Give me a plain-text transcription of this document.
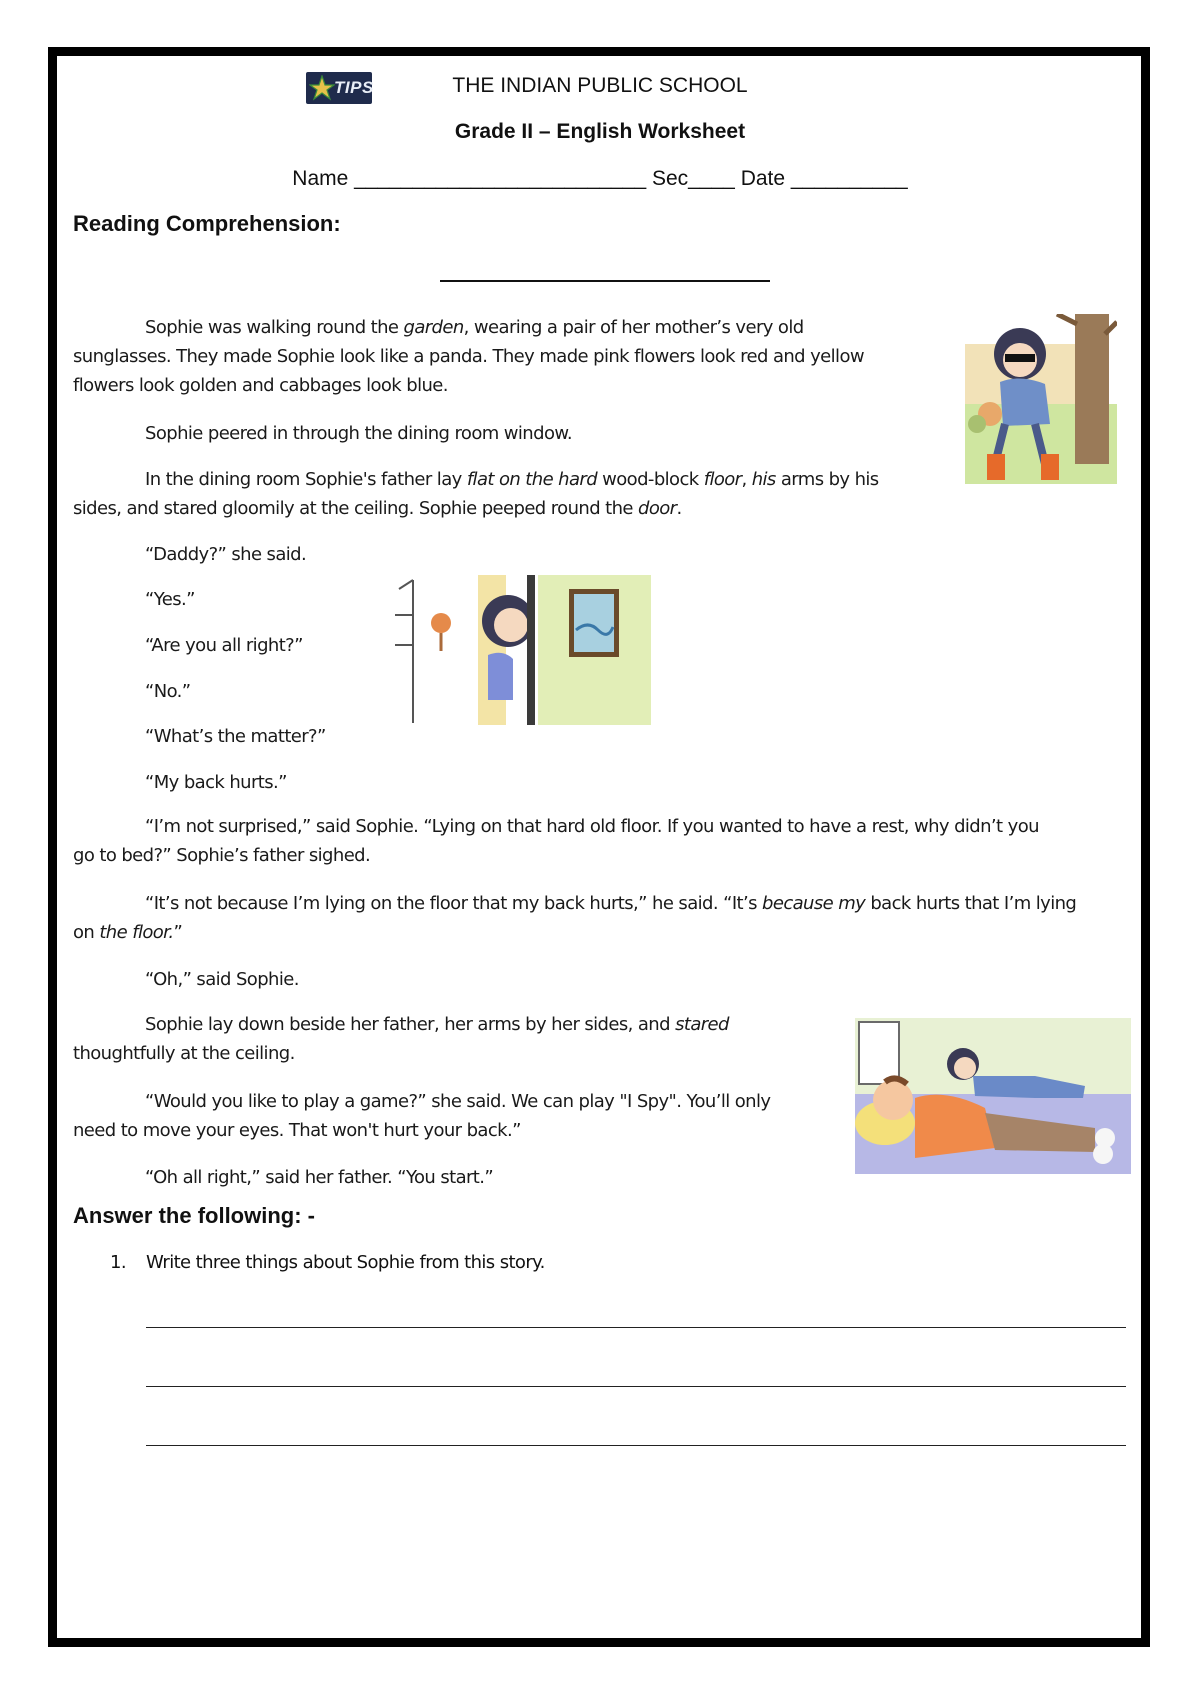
TIPS	THE INDIAN PUBLIC SCHOOL
Grade II – English Worksheet
Name _________________________ Sec____ Date __________
Reading Comprehension:
Sophie was walking round the garden, wearing a pair of her mother’s very old
sunglasses. They made Sophie look like a panda. They made pink flowers look red and yellow
flowers look golden and cabbages look blue.
Sophie peered in through the dining room window.
In the dining room Sophie's father lay flat on the hard wood-block floor, his arms by his
sides, and stared gloomily at the ceiling. Sophie peeped round the door.
“Daddy?” she said.
“Yes.”
“Are you all right?”
“No.”
“What’s the matter?”
“My back hurts.”
“I’m not surprised,” said Sophie. “Lying on that hard old floor. If you wanted to have a rest, why didn’t you
go to bed?” Sophie’s father sighed.
“It’s not because I’m lying on the floor that my back hurts,” he said. “It’s because my back hurts that I’m lying
on the floor.”
“Oh,” said Sophie.
Sophie lay down beside her father, her arms by her sides, and stared
thoughtfully at the ceiling.
“Would you like to play a game?” she said. We can play "I Spy". You’ll only
need to move your eyes. That won't hurt your back.”
“Oh all right,” said her father. “You start.”
Answer the following: -
1. Write three things about Sophie from this story.
